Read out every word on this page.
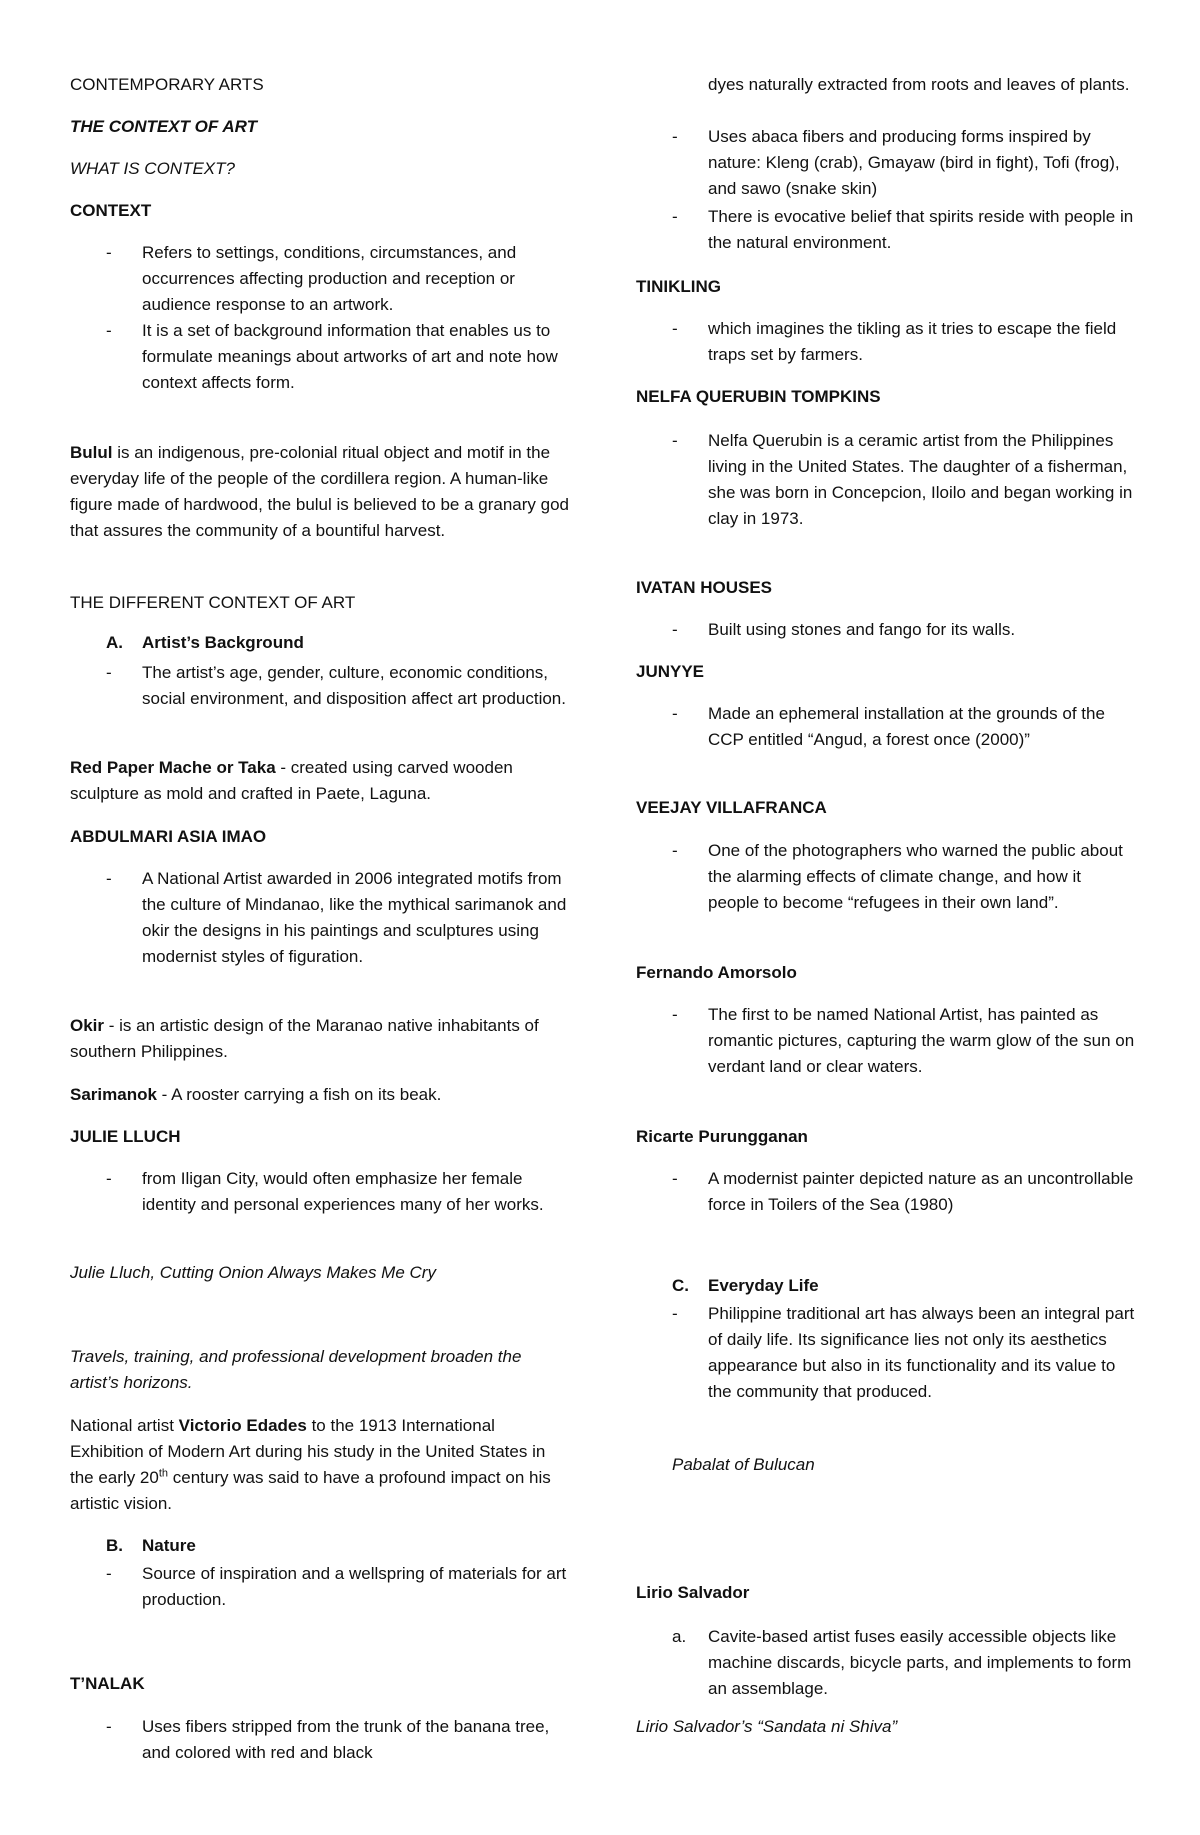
CONTEMPORARY ARTS

THE CONTEXT OF ART

WHAT IS CONTEXT?

CONTEXT

- Refers to settings, conditions, circumstances, and occurrences affecting production and reception or audience response to an artwork.
- It is a set of background information that enables us to formulate meanings about artworks of art and note how context affects form.

Bulul is an indigenous, pre-colonial ritual object and motif in the everyday life of the people of the cordillera region. A human-like figure made of hardwood, the bulul is believed to be a granary god that assures the community of a bountiful harvest.

THE DIFFERENT CONTEXT OF ART

A. Artist’s Background
- The artist’s age, gender, culture, economic conditions, social environment, and disposition affect art production.

Red Paper Mache or Taka - created using carved wooden sculpture as mold and crafted in Paete, Laguna.

ABDULMARI ASIA IMAO

- A National Artist awarded in 2006 integrated motifs from the culture of Mindanao, like the mythical sarimanok and okir the designs in his paintings and sculptures using modernist styles of figuration.

Okir - is an artistic design of the Maranao native inhabitants of southern Philippines.

Sarimanok - A rooster carrying a fish on its beak.

JULIE LLUCH

- from Iligan City, would often emphasize her female identity and personal experiences many of her works.

Julie Lluch, Cutting Onion Always Makes Me Cry

Travels, training, and professional development broaden the artist’s horizons.

National artist Victorio Edades to the 1913 International Exhibition of Modern Art during his study in the United States in the early 20th century was said to have a profound impact on his artistic vision.

B. Nature
- Source of inspiration and a wellspring of materials for art production.

T’NALAK

- Uses fibers stripped from the trunk of the banana tree, and colored with red and black
dyes naturally extracted from roots and leaves of plants.
- Uses abaca fibers and producing forms inspired by nature: Kleng (crab), Gmayaw (bird in fight), Tofi (frog), and sawo (snake skin)
- There is evocative belief that spirits reside with people in the natural environment.

TINIKLING

- which imagines the tikling as it tries to escape the field traps set by farmers.

NELFA QUERUBIN TOMPKINS

- Nelfa Querubin is a ceramic artist from the Philippines living in the United States. The daughter of a fisherman, she was born in Concepcion, Iloilo and began working in clay in 1973.

IVATAN HOUSES

- Built using stones and fango for its walls.

JUNYYE

- Made an ephemeral installation at the grounds of the CCP entitled “Angud, a forest once (2000)”

VEEJAY VILLAFRANCA

- One of the photographers who warned the public about the alarming effects of climate change, and how it people to become “refugees in their own land”.

Fernando Amorsolo

- The first to be named National Artist, has painted as romantic pictures, capturing the warm glow of the sun on verdant land or clear waters.

Ricarte Purungganan

- A modernist painter depicted nature as an uncontrollable force in Toilers of the Sea (1980)
C. Everyday Life
- Philippine traditional art has always been an integral part of daily life. Its significance lies not only its aesthetics appearance but also in its functionality and its value to the community that produced.
Pabalat of Bulucan

Lirio Salvador

a. Cavite-based artist fuses easily accessible objects like machine discards, bicycle parts, and implements to form an assemblage.

Lirio Salvador’s “Sandata ni Shiva”
